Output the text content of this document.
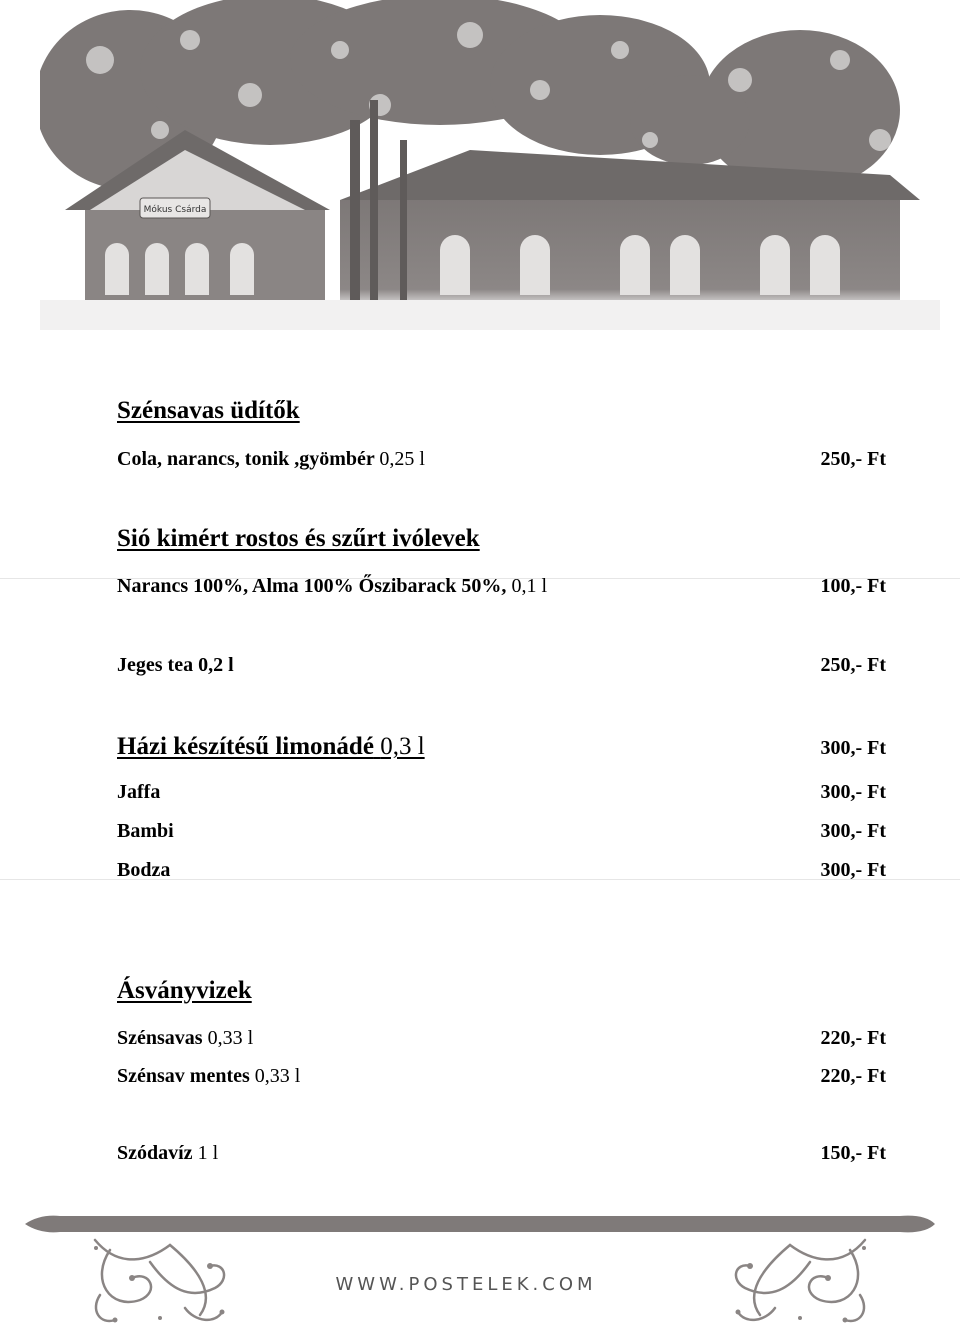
Mókus Csárda
Szénsavas üdítők
Cola, narancs, tonik ,gyömbér 0,25 l	250,- Ft
Sió kimért rostos és szűrt ivólevek
Narancs 100%, Alma 100% Őszibarack 50%, 0,1 l	100,- Ft
Jeges tea 0,2 l	250,- Ft
Házi készítésű limonádé 0,3 l	300,- Ft
Jaffa	300,- Ft
Bambi	300,- Ft
Bodza	300,- Ft
Ásványvizek
Szénsavas 0,33 l	220,- Ft
Szénsav mentes 0,33 l	220,- Ft
Szódavíz 1 l	150,- Ft
WWW.POSTELEK.COM
